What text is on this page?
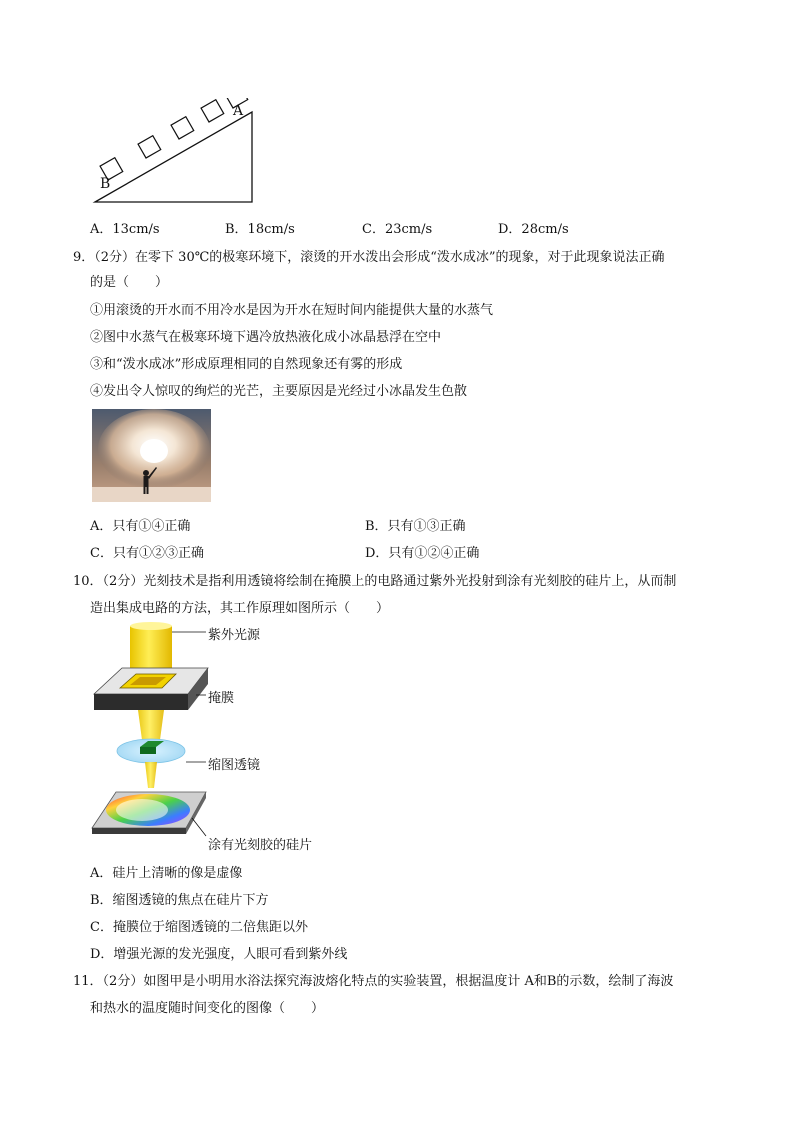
B
A
A．13cm/s	B．18cm/s	C．23cm/s	D．28cm/s
9．（2分）在零下 30℃的极寒环境下，滚烫的开水泼出会形成“泼水成冰”的现象，对于此现象说法正确
的是（　　）
①用滚烫的开水而不用冷水是因为开水在短时间内能提供大量的水蒸气
②图中水蒸气在极寒环境下遇冷放热液化成小冰晶悬浮在空中
③和“泼水成冰”形成原理相同的自然现象还有雾的形成
④发出令人惊叹的绚烂的光芒，主要原因是光经过小冰晶发生色散
A．只有①④正确	B．只有①③正确
C．只有①②③正确	D．只有①②④正确
10．（2分）光刻技术是指利用透镜将绘制在掩膜上的电路通过紫外光投射到涂有光刻胶的硅片上，从而制
造出集成电路的方法，其工作原理如图所示（　　）
紫外光源
掩膜
缩图透镜
涂有光刻胶的硅片
A．硅片上清晰的像是虚像
B．缩图透镜的焦点在硅片下方
C．掩膜位于缩图透镜的二倍焦距以外
D．增强光源的发光强度，人眼可看到紫外线
11．（2分）如图甲是小明用水浴法探究海波熔化特点的实验装置，根据温度计 A和B的示数，绘制了海波
和热水的温度随时间变化的图像（　　）
